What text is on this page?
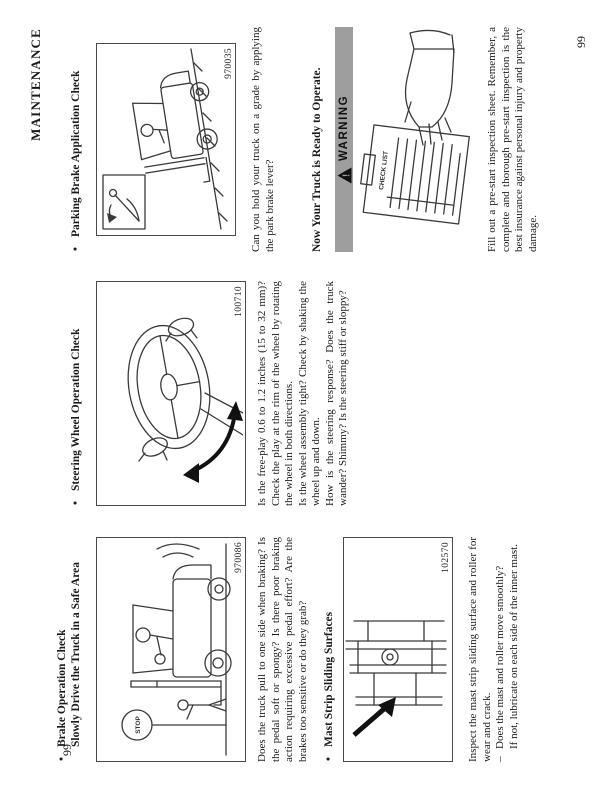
99
MAINTENANCE	99
•
Brake Operation Check Slowly Drive the Truck in a Safe Area	STOP
970086 Does the truck pull to one side when braking? Is the pedal soft or spongy? Is there poor braking action requiring excessive pedal effort? Are the brakes too sensitive or do they grab? •
Mast Strip Sliding Surfaces
102570 Inspect the mast strip sliding surface and roller for wear and crack. –
Does the mast and roller move smoothly? If not, lubricate on each side of the inner mast.

•
Steering Wheel Operation Check
100710 Is the free-play 0.6 to 1.2 inches (15 to 32 mm)? Check the play at the rim of the wheel by rotating the wheel in both directions. Is the wheel assembly tight? Check by shaking the wheel up and down. How is the steering response? Does the truck wander? Shimmy? Is the steering stiff or sloppy?

•
Parking Brake Application Check
970035 Can you hold your truck on a grade by applying the park brake lever?	Now Your Truck is Ready to Operate. !
WARNING
CHECK LIST	Fill out a pre-start inspection sheet. Remember, a complete and thorough pre-start inspection is the best insurance against personal injury and property damage.
